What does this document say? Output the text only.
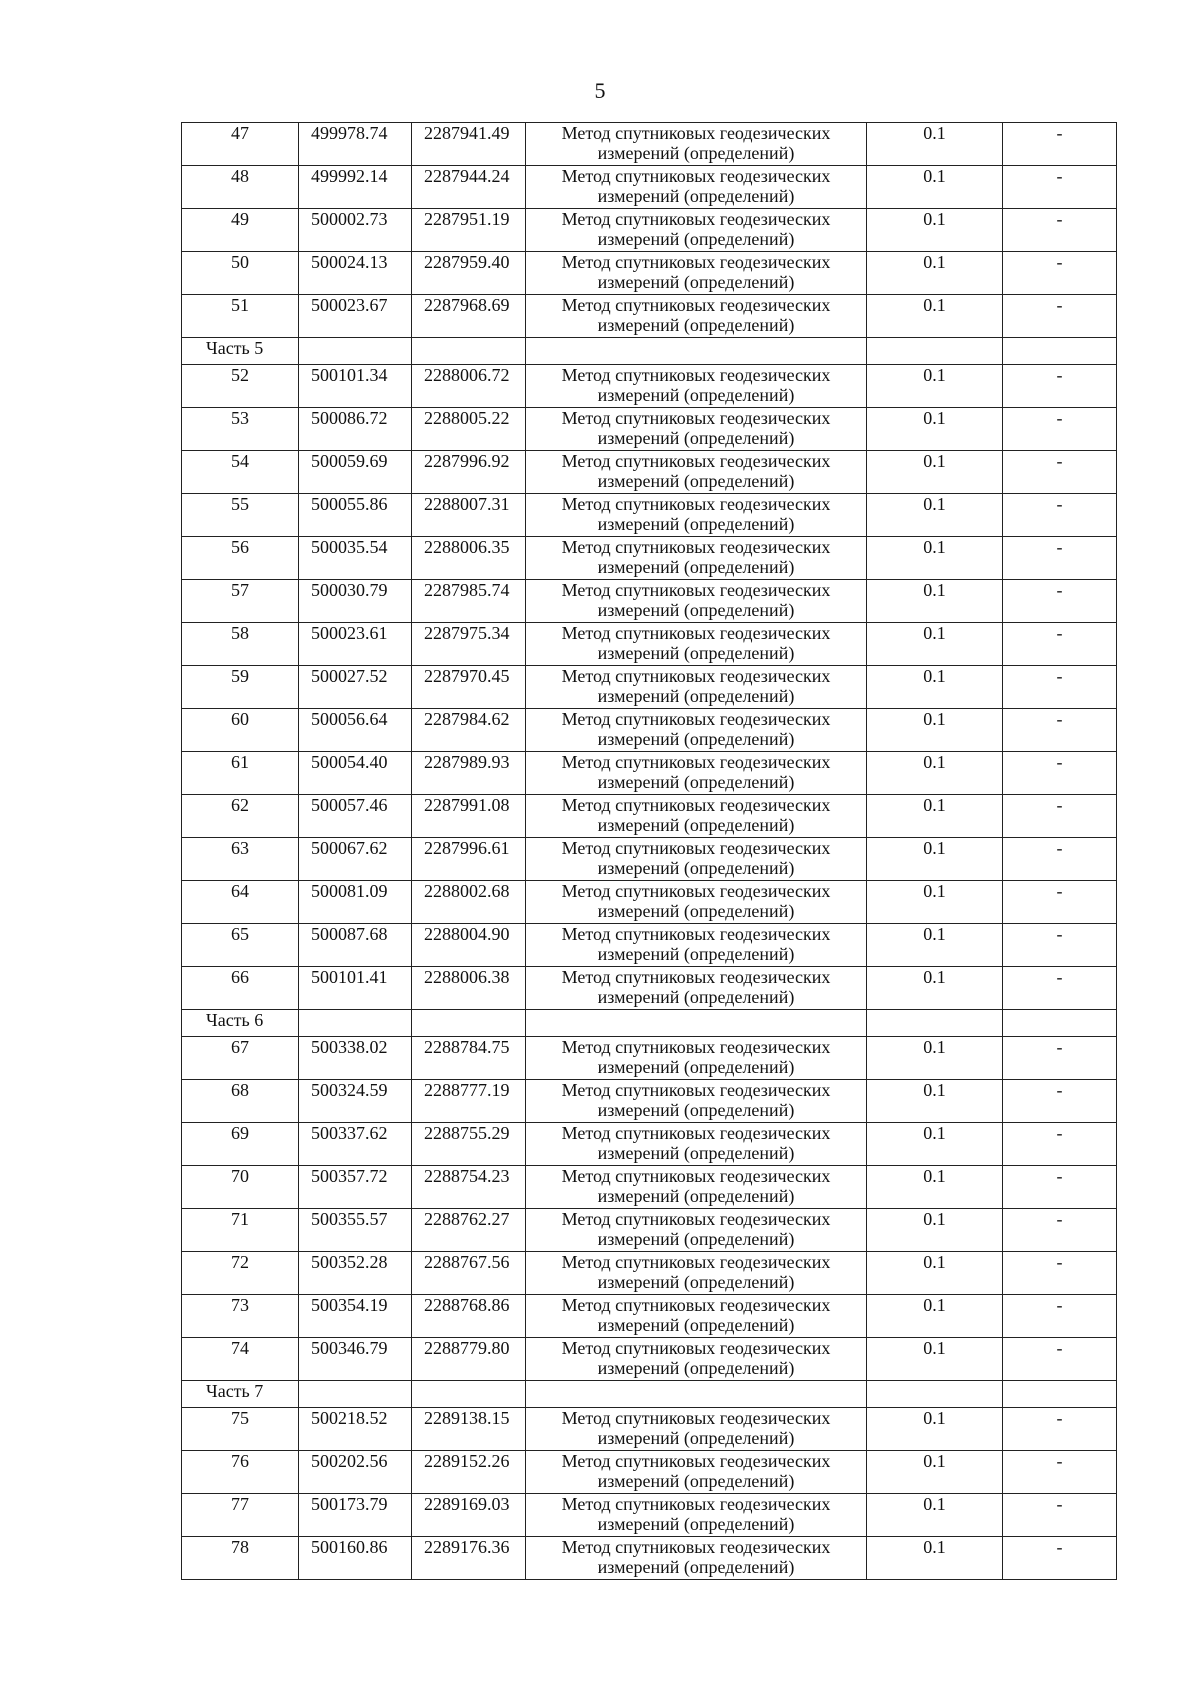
5
47	499978.74	2287941.49	Метод спутниковых геодезических измерений (определений)	0.1	-
48	499992.14	2287944.24	Метод спутниковых геодезических измерений (определений)	0.1	-
49	500002.73	2287951.19	Метод спутниковых геодезических измерений (определений)	0.1	-
50	500024.13	2287959.40	Метод спутниковых геодезических измерений (определений)	0.1	-
51	500023.67	2287968.69	Метод спутниковых геодезических измерений (определений)	0.1	-
Часть 5					
52	500101.34	2288006.72	Метод спутниковых геодезических измерений (определений)	0.1	-
53	500086.72	2288005.22	Метод спутниковых геодезических измерений (определений)	0.1	-
54	500059.69	2287996.92	Метод спутниковых геодезических измерений (определений)	0.1	-
55	500055.86	2288007.31	Метод спутниковых геодезических измерений (определений)	0.1	-
56	500035.54	2288006.35	Метод спутниковых геодезических измерений (определений)	0.1	-
57	500030.79	2287985.74	Метод спутниковых геодезических измерений (определений)	0.1	-
58	500023.61	2287975.34	Метод спутниковых геодезических измерений (определений)	0.1	-
59	500027.52	2287970.45	Метод спутниковых геодезических измерений (определений)	0.1	-
60	500056.64	2287984.62	Метод спутниковых геодезических измерений (определений)	0.1	-
61	500054.40	2287989.93	Метод спутниковых геодезических измерений (определений)	0.1	-
62	500057.46	2287991.08	Метод спутниковых геодезических измерений (определений)	0.1	-
63	500067.62	2287996.61	Метод спутниковых геодезических измерений (определений)	0.1	-
64	500081.09	2288002.68	Метод спутниковых геодезических измерений (определений)	0.1	-
65	500087.68	2288004.90	Метод спутниковых геодезических измерений (определений)	0.1	-
66	500101.41	2288006.38	Метод спутниковых геодезических измерений (определений)	0.1	-
Часть 6					
67	500338.02	2288784.75	Метод спутниковых геодезических измерений (определений)	0.1	-
68	500324.59	2288777.19	Метод спутниковых геодезических измерений (определений)	0.1	-
69	500337.62	2288755.29	Метод спутниковых геодезических измерений (определений)	0.1	-
70	500357.72	2288754.23	Метод спутниковых геодезических измерений (определений)	0.1	-
71	500355.57	2288762.27	Метод спутниковых геодезических измерений (определений)	0.1	-
72	500352.28	2288767.56	Метод спутниковых геодезических измерений (определений)	0.1	-
73	500354.19	2288768.86	Метод спутниковых геодезических измерений (определений)	0.1	-
74	500346.79	2288779.80	Метод спутниковых геодезических измерений (определений)	0.1	-
Часть 7					
75	500218.52	2289138.15	Метод спутниковых геодезических измерений (определений)	0.1	-
76	500202.56	2289152.26	Метод спутниковых геодезических измерений (определений)	0.1	-
77	500173.79	2289169.03	Метод спутниковых геодезических измерений (определений)	0.1	-
78	500160.86	2289176.36	Метод спутниковых геодезических измерений (определений)	0.1	-
